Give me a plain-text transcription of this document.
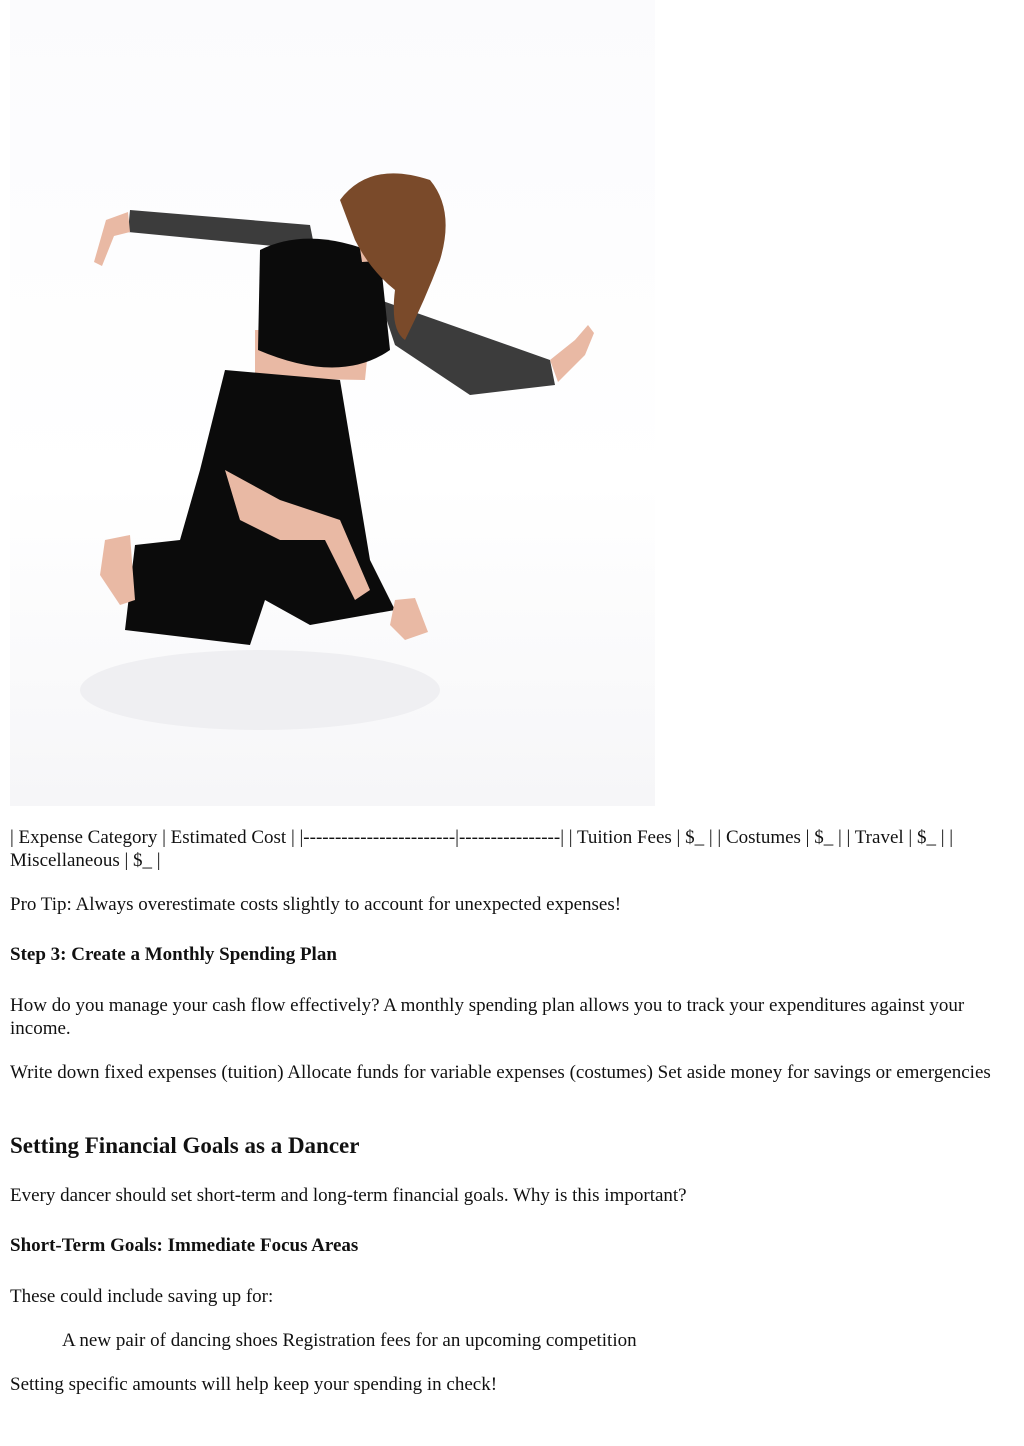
| Expense Category | Estimated Cost | |------------------------|----------------| | Tuition Fees | $_ | | Costumes | $_ | | Travel | $_ | | Miscellaneous | $_ |

Pro Tip: Always overestimate costs slightly to account for unexpected expenses!

Step 3: Create a Monthly Spending Plan

How do you manage your cash flow effectively? A monthly spending plan allows you to track your expenditures against your income.

Write down fixed expenses (tuition) Allocate funds for variable expenses (costumes) Set aside money for savings or emergencies

Setting Financial Goals as a Dancer

Every dancer should set short-term and long-term financial goals. Why is this important?

Short-Term Goals: Immediate Focus Areas

These could include saving up for:

A new pair of dancing shoes Registration fees for an upcoming competition

Setting specific amounts will help keep your spending in check!
